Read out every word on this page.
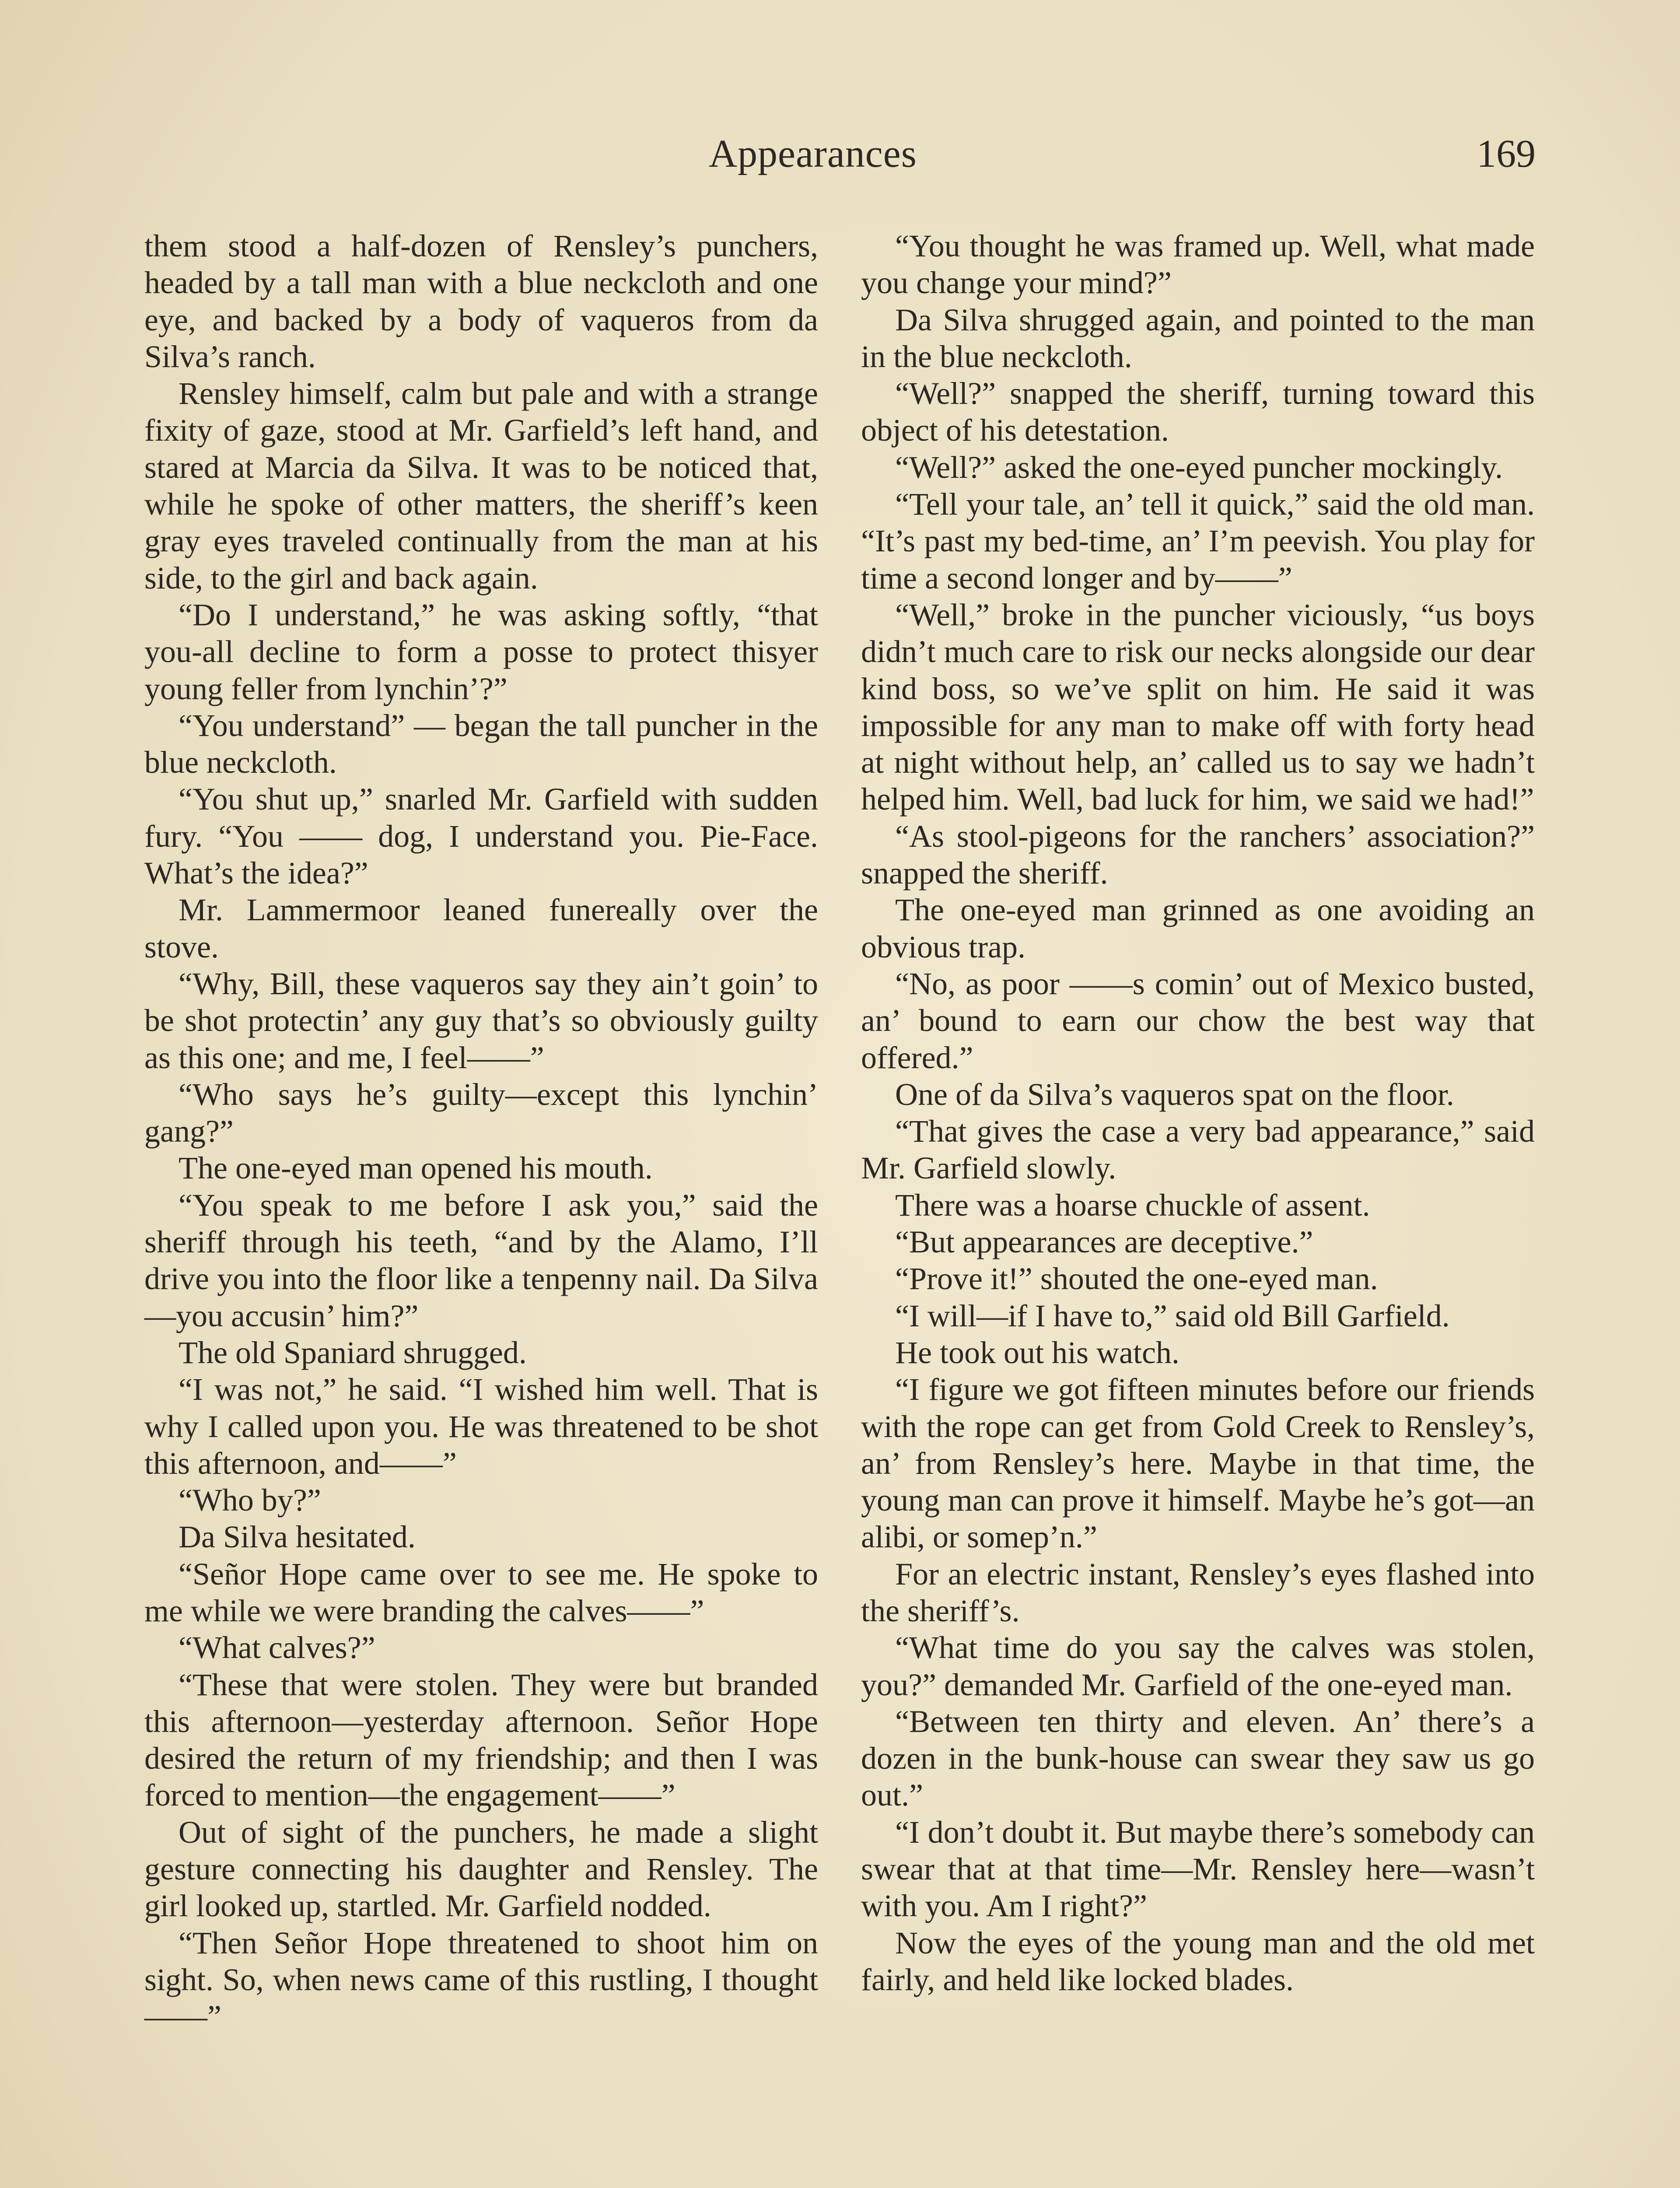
Appearances	169

them stood a half-dozen of Rensley’s punchers, headed by a tall man with a blue neckcloth and one eye, and backed by a body of vaqueros from da Silva’s ranch.

Rensley himself, calm but pale and with a strange fixity of gaze, stood at Mr. Garfield’s left hand, and stared at Marcia da Silva. It was to be noticed that, while he spoke of other matters, the sheriff’s keen gray eyes traveled continually from the man at his side, to the girl and back again.

“Do I understand,” he was asking softly, “that you-all decline to form a posse to protect thisyer young feller from lynchin’?”

“You understand” — began the tall puncher in the blue neckcloth.

“You shut up,” snarled Mr. Garfield with sudden fury. “You —— dog, I understand you. Pie-Face. What’s the idea?”

Mr. Lammermoor leaned funereally over the stove.

“Why, Bill, these vaqueros say they ain’t goin’ to be shot protectin’ any guy that’s so obviously guilty as this one; and me, I feel——”

“Who says he’s guilty—except this lynchin’ gang?”

The one-eyed man opened his mouth.

“You speak to me before I ask you,” said the sheriff through his teeth, “and by the Alamo, I’ll drive you into the floor like a tenpenny nail. Da Silva—you accusin’ him?”

The old Spaniard shrugged.

“I was not,” he said. “I wished him well. That is why I called upon you. He was threatened to be shot this afternoon, and——”

“Who by?”

Da Silva hesitated.

“Señor Hope came over to see me. He spoke to me while we were branding the calves——”

“What calves?”

“These that were stolen. They were but branded this afternoon—yesterday afternoon. Señor Hope desired the return of my friendship; and then I was forced to mention—the engagement——”

Out of sight of the punchers, he made a slight gesture connecting his daughter and Rensley. The girl looked up, startled. Mr. Garfield nodded.

“Then Señor Hope threatened to shoot him on sight. So, when news came of this rustling, I thought——”

“You thought he was framed up. Well, what made you change your mind?”

Da Silva shrugged again, and pointed to the man in the blue neckcloth.

“Well?” snapped the sheriff, turning toward this object of his detestation.

“Well?” asked the one-eyed puncher mockingly.

“Tell your tale, an’ tell it quick,” said the old man. “It’s past my bed-time, an’ I’m peevish. You play for time a second longer and by——”

“Well,” broke in the puncher viciously, “us boys didn’t much care to risk our necks alongside our dear kind boss, so we’ve split on him. He said it was impossible for any man to make off with forty head at night without help, an’ called us to say we hadn’t helped him. Well, bad luck for him, we said we had!”

“As stool-pigeons for the ranchers’ association?” snapped the sheriff.

The one-eyed man grinned as one avoiding an obvious trap.

“No, as poor ——s comin’ out of Mexico busted, an’ bound to earn our chow the best way that offered.”

One of da Silva’s vaqueros spat on the floor.

“That gives the case a very bad appearance,” said Mr. Garfield slowly.

There was a hoarse chuckle of assent.

“But appearances are deceptive.”

“Prove it!” shouted the one-eyed man.

“I will—if I have to,” said old Bill Garfield.

He took out his watch.

“I figure we got fifteen minutes before our friends with the rope can get from Gold Creek to Rensley’s, an’ from Rensley’s here. Maybe in that time, the young man can prove it himself. Maybe he’s got—an alibi, or somep’n.”

For an electric instant, Rensley’s eyes flashed into the sheriff’s.

“What time do you say the calves was stolen, you?” demanded Mr. Garfield of the one-eyed man.

“Between ten thirty and eleven. An’ there’s a dozen in the bunk-house can swear they saw us go out.”

“I don’t doubt it. But maybe there’s somebody can swear that at that time—Mr. Rensley here—wasn’t with you. Am I right?”

Now the eyes of the young man and the old met fairly, and held like locked blades.
